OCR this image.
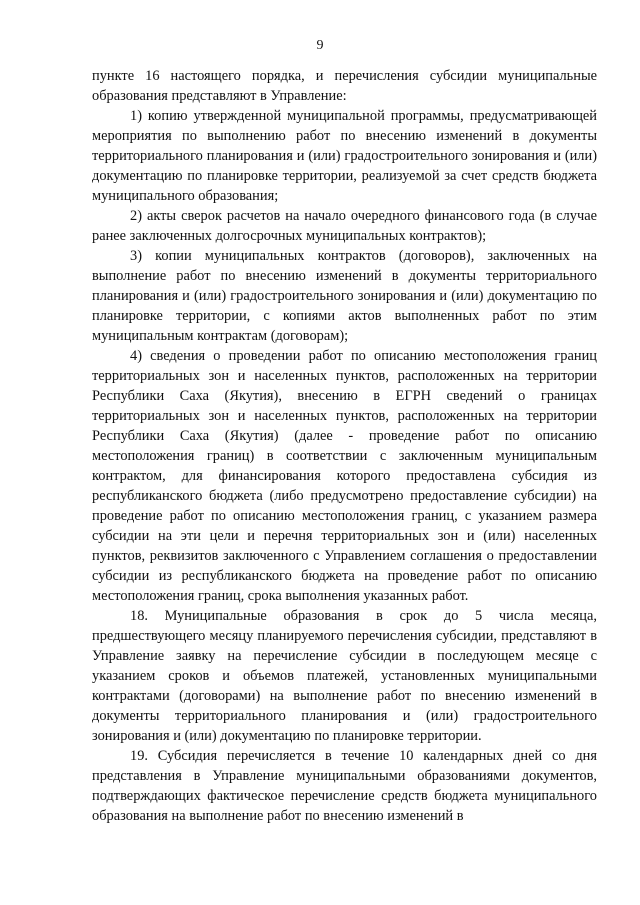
9

пункте 16 настоящего порядка, и перечисления субсидии муниципальные образования представляют в Управление:

1) копию утвержденной муниципальной программы, предусматривающей мероприятия по выполнению работ по внесению изменений в документы территориального планирования и (или) градостроительного зонирования и (или) документацию по планировке территории, реализуемой за счет средств бюджета муниципального образования;

2) акты сверок расчетов на начало очередного финансового года (в случае ранее заключенных долгосрочных муниципальных контрактов);

3) копии муниципальных контрактов (договоров), заключенных на выполнение работ по внесению изменений в документы территориального планирования и (или) градостроительного зонирования и (или) документацию по планировке территории, с копиями актов выполненных работ по этим муниципальным контрактам (договорам);

4) сведения о проведении работ по описанию местоположения границ территориальных зон и населенных пунктов, расположенных на территории Республики Саха (Якутия), внесению в ЕГРН сведений о границах территориальных зон и населенных пунктов, расположенных на территории Республики Саха (Якутия) (далее - проведение работ по описанию местоположения границ) в соответствии с заключенным муниципальным контрактом, для финансирования которого предоставлена субсидия из республиканского бюджета (либо предусмотрено предоставление субсидии) на проведение работ по описанию местоположения границ, с указанием размера субсидии на эти цели и перечня территориальных зон и (или) населенных пунктов, реквизитов заключенного с Управлением соглашения о предоставлении субсидии из республиканского бюджета на проведение работ по описанию местоположения границ, срока выполнения указанных работ.

18. Муниципальные образования в срок до 5 числа месяца, предшествующего месяцу планируемого перечисления субсидии, представляют в Управление заявку на перечисление субсидии в последующем месяце с указанием сроков и объемов платежей, установленных муниципальными контрактами (договорами) на выполнение работ по внесению изменений в документы территориального планирования и (или) градостроительного зонирования и (или) документацию по планировке территории.

19. Субсидия перечисляется в течение 10 календарных дней со дня представления в Управление муниципальными образованиями документов, подтверждающих фактическое перечисление средств бюджета муниципального образования на выполнение работ по внесению изменений в
